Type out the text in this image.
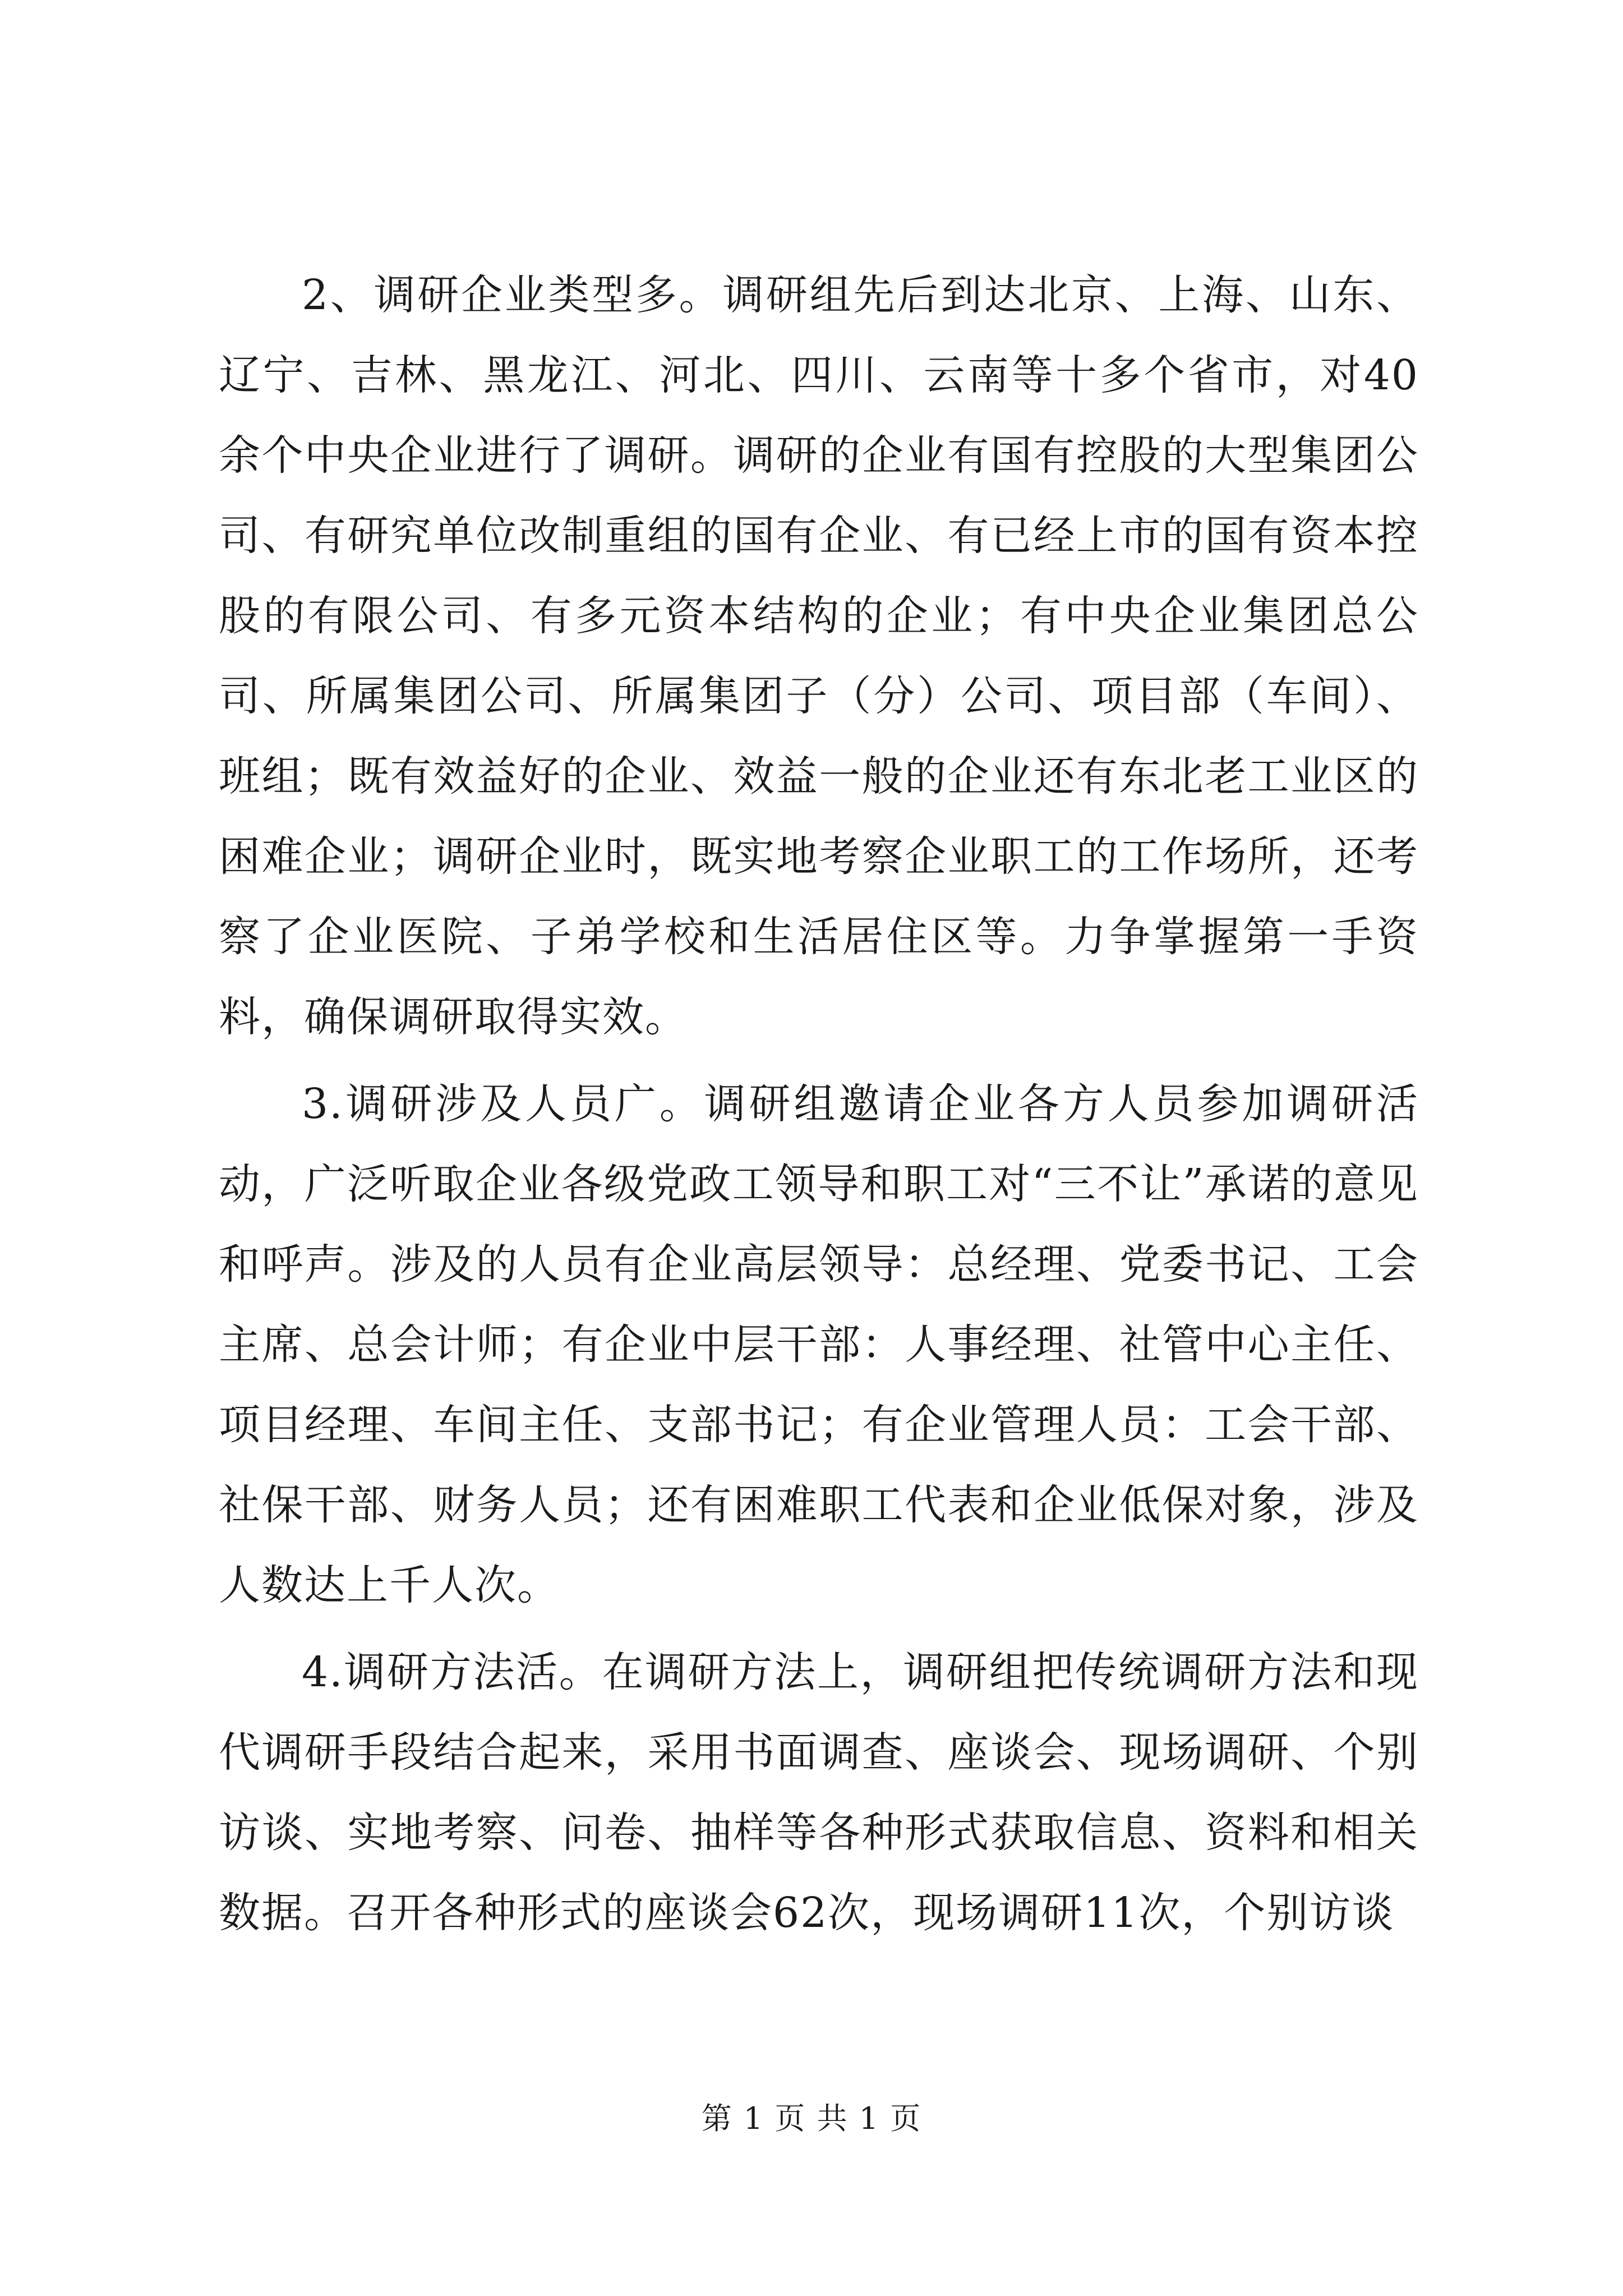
2、调研企业类型多。调研组先后到达北京、上海、山东、辽宁、吉林、黑龙江、河北、四川、云南等十多个省市，对40余个中央企业进行了调研。调研的企业有国有控股的大型集团公司、有研究单位改制重组的国有企业、有已经上市的国有资本控股的有限公司、有多元资本结构的企业；有中央企业集团总公司、所属集团公司、所属集团子（分）公司、项目部（车间）、班组；既有效益好的企业、效益一般的企业还有东北老工业区的困难企业；调研企业时，既实地考察企业职工的工作场所，还考察了企业医院、子弟学校和生活居住区等。力争掌握第一手资料，确保调研取得实效。

3.调研涉及人员广。调研组邀请企业各方人员参加调研活动，广泛听取企业各级党政工领导和职工对“三不让”承诺的意见和呼声。涉及的人员有企业高层领导：总经理、党委书记、工会主席、总会计师；有企业中层干部：人事经理、社管中心主任、项目经理、车间主任、支部书记；有企业管理人员：工会干部、社保干部、财务人员；还有困难职工代表和企业低保对象，涉及人数达上千人次。

4.调研方法活。在调研方法上，调研组把传统调研方法和现代调研手段结合起来，采用书面调查、座谈会、现场调研、个别访谈、实地考察、问卷、抽样等各种形式获取信息、资料和相关数据。召开各种形式的座谈会62次，现场调研11次，个别访谈

第 1 页 共 1 页
